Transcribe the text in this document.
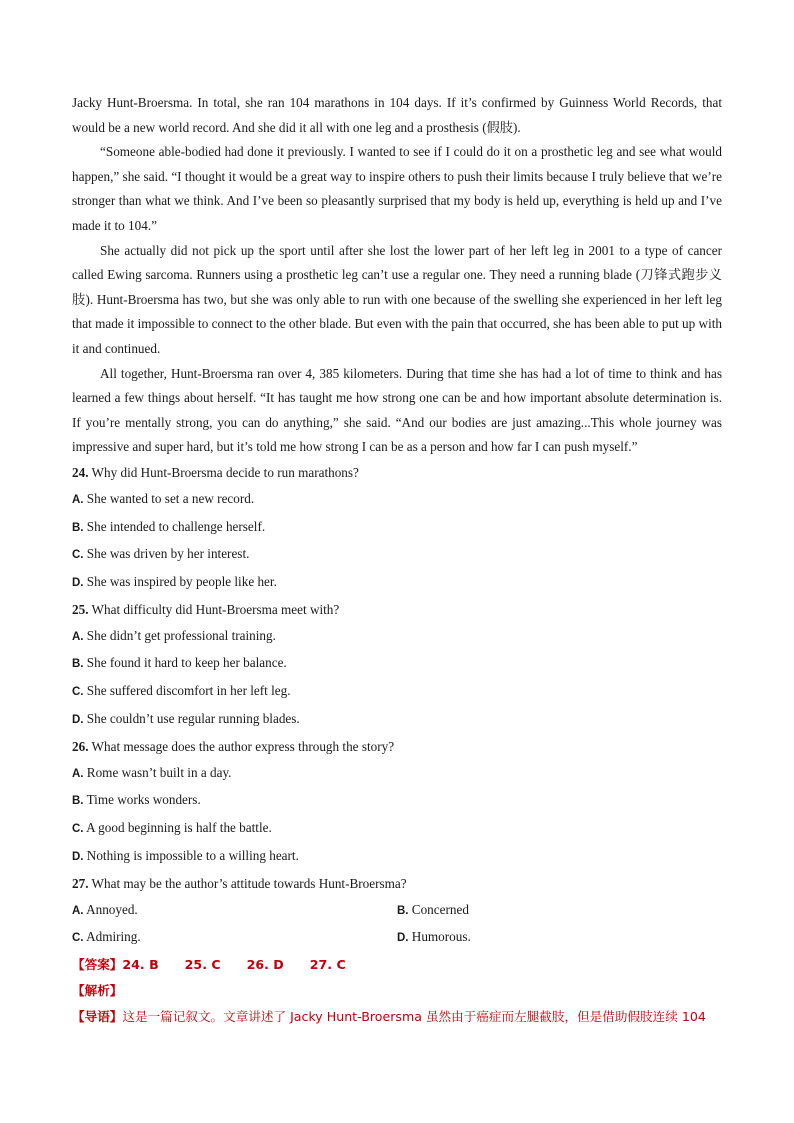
Jacky Hunt-Broersma. In total, she ran 104 marathons in 104 days. If it’s confirmed by Guinness World Records, that would be a new world record. And she did it all with one leg and a prosthesis (假肢).

“Someone able-bodied had done it previously. I wanted to see if I could do it on a prosthetic leg and see what would happen,” she said. “I thought it would be a great way to inspire others to push their limits because I truly believe that we’re stronger than what we think. And I’ve been so pleasantly surprised that my body is held up, everything is held up and I’ve made it to 104.”

She actually did not pick up the sport until after she lost the lower part of her left leg in 2001 to a type of cancer called Ewing sarcoma. Runners using a prosthetic leg can’t use a regular one. They need a running blade (刀锋式跑步义肢). Hunt-Broersma has two, but she was only able to run with one because of the swelling she experienced in her left leg that made it impossible to connect to the other blade. But even with the pain that occurred, she has been able to put up with it and continued.

All together, Hunt-Broersma ran over 4, 385 kilometers. During that time she has had a lot of time to think and has learned a few things about herself. “It has taught me how strong one can be and how important absolute determination is. If you’re mentally strong, you can do anything,” she said. “And our bodies are just amazing...This whole journey was impressive and super hard, but it’s told me how strong I can be as a person and how far I can push myself.”

24. Why did Hunt-Broersma decide to run marathons?

A. She wanted to set a new record.

B. She intended to challenge herself.

C. She was driven by her interest.

D. She was inspired by people like her.

25. What difficulty did Hunt-Broersma meet with?

A. She didn’t get professional training.

B. She found it hard to keep her balance.

C. She suffered discomfort in her left leg.

D. She couldn’t use regular running blades.

26. What message does the author express through the story?

A. Rome wasn’t built in a day.

B. Time works wonders.

C. A good beginning is half the battle.

D. Nothing is impossible to a willing heart.

27. What may be the author’s attitude towards Hunt-Broersma?

A. Annoyed.	B. Concerned
C. Admiring.	D. Humorous.

【答案】24. B 25. C 26. D 27. C

【解析】

【导语】这是一篇记叙文。文章讲述了 Jacky Hunt-Broersma 虽然由于癌症而左腿截肢，但是借助假肢连续 104
